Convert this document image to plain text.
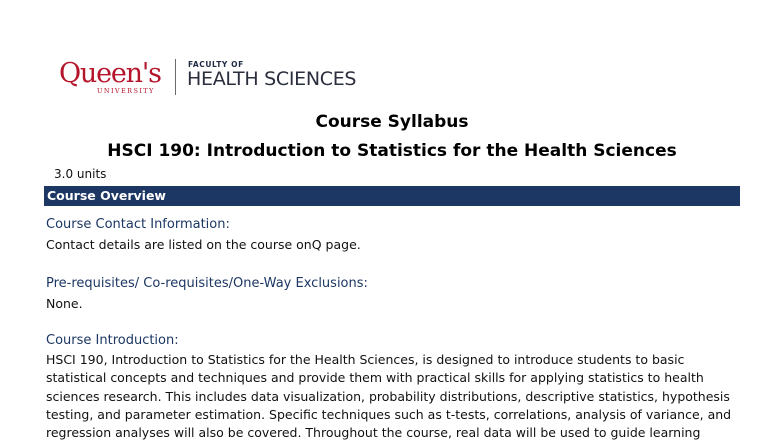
Queen's
UNIVERSITY
FACULTY OF
HEALTH SCIENCES
Course Syllabus
HSCI 190: Introduction to Statistics for the Health Sciences
3.0 units
Course Overview
Course Contact Information:
Contact details are listed on the course onQ page.
Pre-requisites/ Co-requisites/One-Way Exclusions:
None.
Course Introduction:
HSCI 190, Introduction to Statistics for the Health Sciences, is designed to introduce students to basic
statistical concepts and techniques and provide them with practical skills for applying statistics to health
sciences research. This includes data visualization, probability distributions, descriptive statistics, hypothesis
testing, and parameter estimation. Specific techniques such as t-tests, correlations, analysis of variance, and
regression analyses will also be covered. Throughout the course, real data will be used to guide learning
